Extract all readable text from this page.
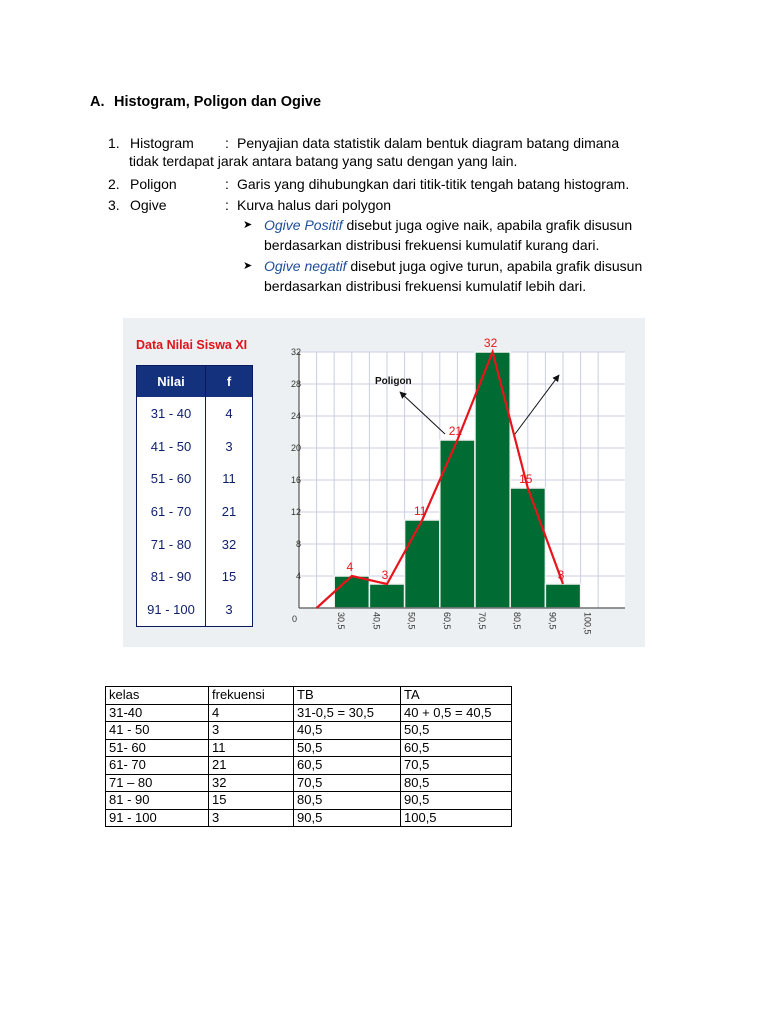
A. Histogram, Poligon dan Ogive
1. Histogram : Penyajian data statistik dalam bentuk diagram batang dimana
tidak terdapat jarak antara batang yang satu dengan yang lain.
2. Poligon	: Garis yang dihubungkan dari titik-titik tengah batang histogram.
3. Ogive	: Kurva halus dari polygon
➤ Ogive Positif disebut juga ogive naik, apabila grafik disusun
berdasarkan distribusi frekuensi kumulatif kurang dari.
➤ Ogive negatif disebut juga ogive turun, apabila grafik disusun
berdasarkan distribusi frekuensi kumulatif lebih dari.
Data Nilai Siswa XI
Nilai	f
31 - 40	4
41 - 50	3
51 - 60	11
61 - 70	21
71 - 80	32
81 - 90	15
91 - 100	3
0
4
8
12
16
20
24
28
32
30,5	40,5	50,5	60,5	70,5	80,5	90,5	100,5
4
3
11
21
32
15
3
Poligon
kelas	frekuensi	TB	TA
31-40	4	31-0,5 = 30,5	40 + 0,5 = 40,5
41 - 50	3	40,5	50,5
51- 60	11	50,5	60,5
61- 70	21	60,5	70,5
71 – 80	32	70,5	80,5
81 - 90	15	80,5	90,5
91 - 100	3	90,5	100,5
